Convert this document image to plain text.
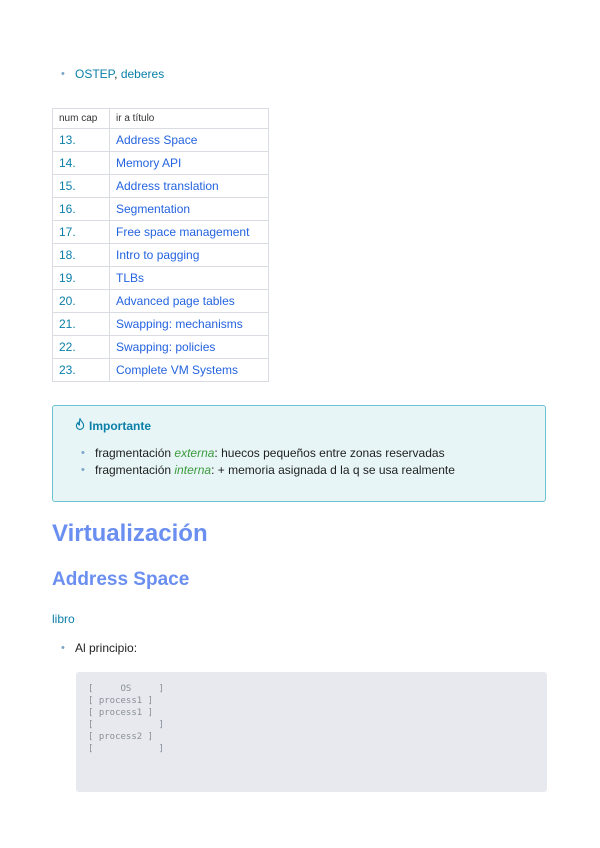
• OSTEP, deberes
num cap	ir a título
13.	Address Space
14.	Memory API
15.	Address translation
16.	Segmentation
17.	Free space management
18.	Intro to pagging
19.	TLBs
20.	Advanced page tables
21.	Swapping: mechanisms
22.	Swapping: policies
23.	Complete VM Systems
Importante
• fragmentación externa: huecos pequeños entre zonas reservadas
• fragmentación interna: + memoria asignada d la q se usa realmente
Virtualización
Address Space
libro
• Al principio:
[     OS     ]
[ process1 ]
[ process1 ]
[            ]
[ process2 ]
[            ]
